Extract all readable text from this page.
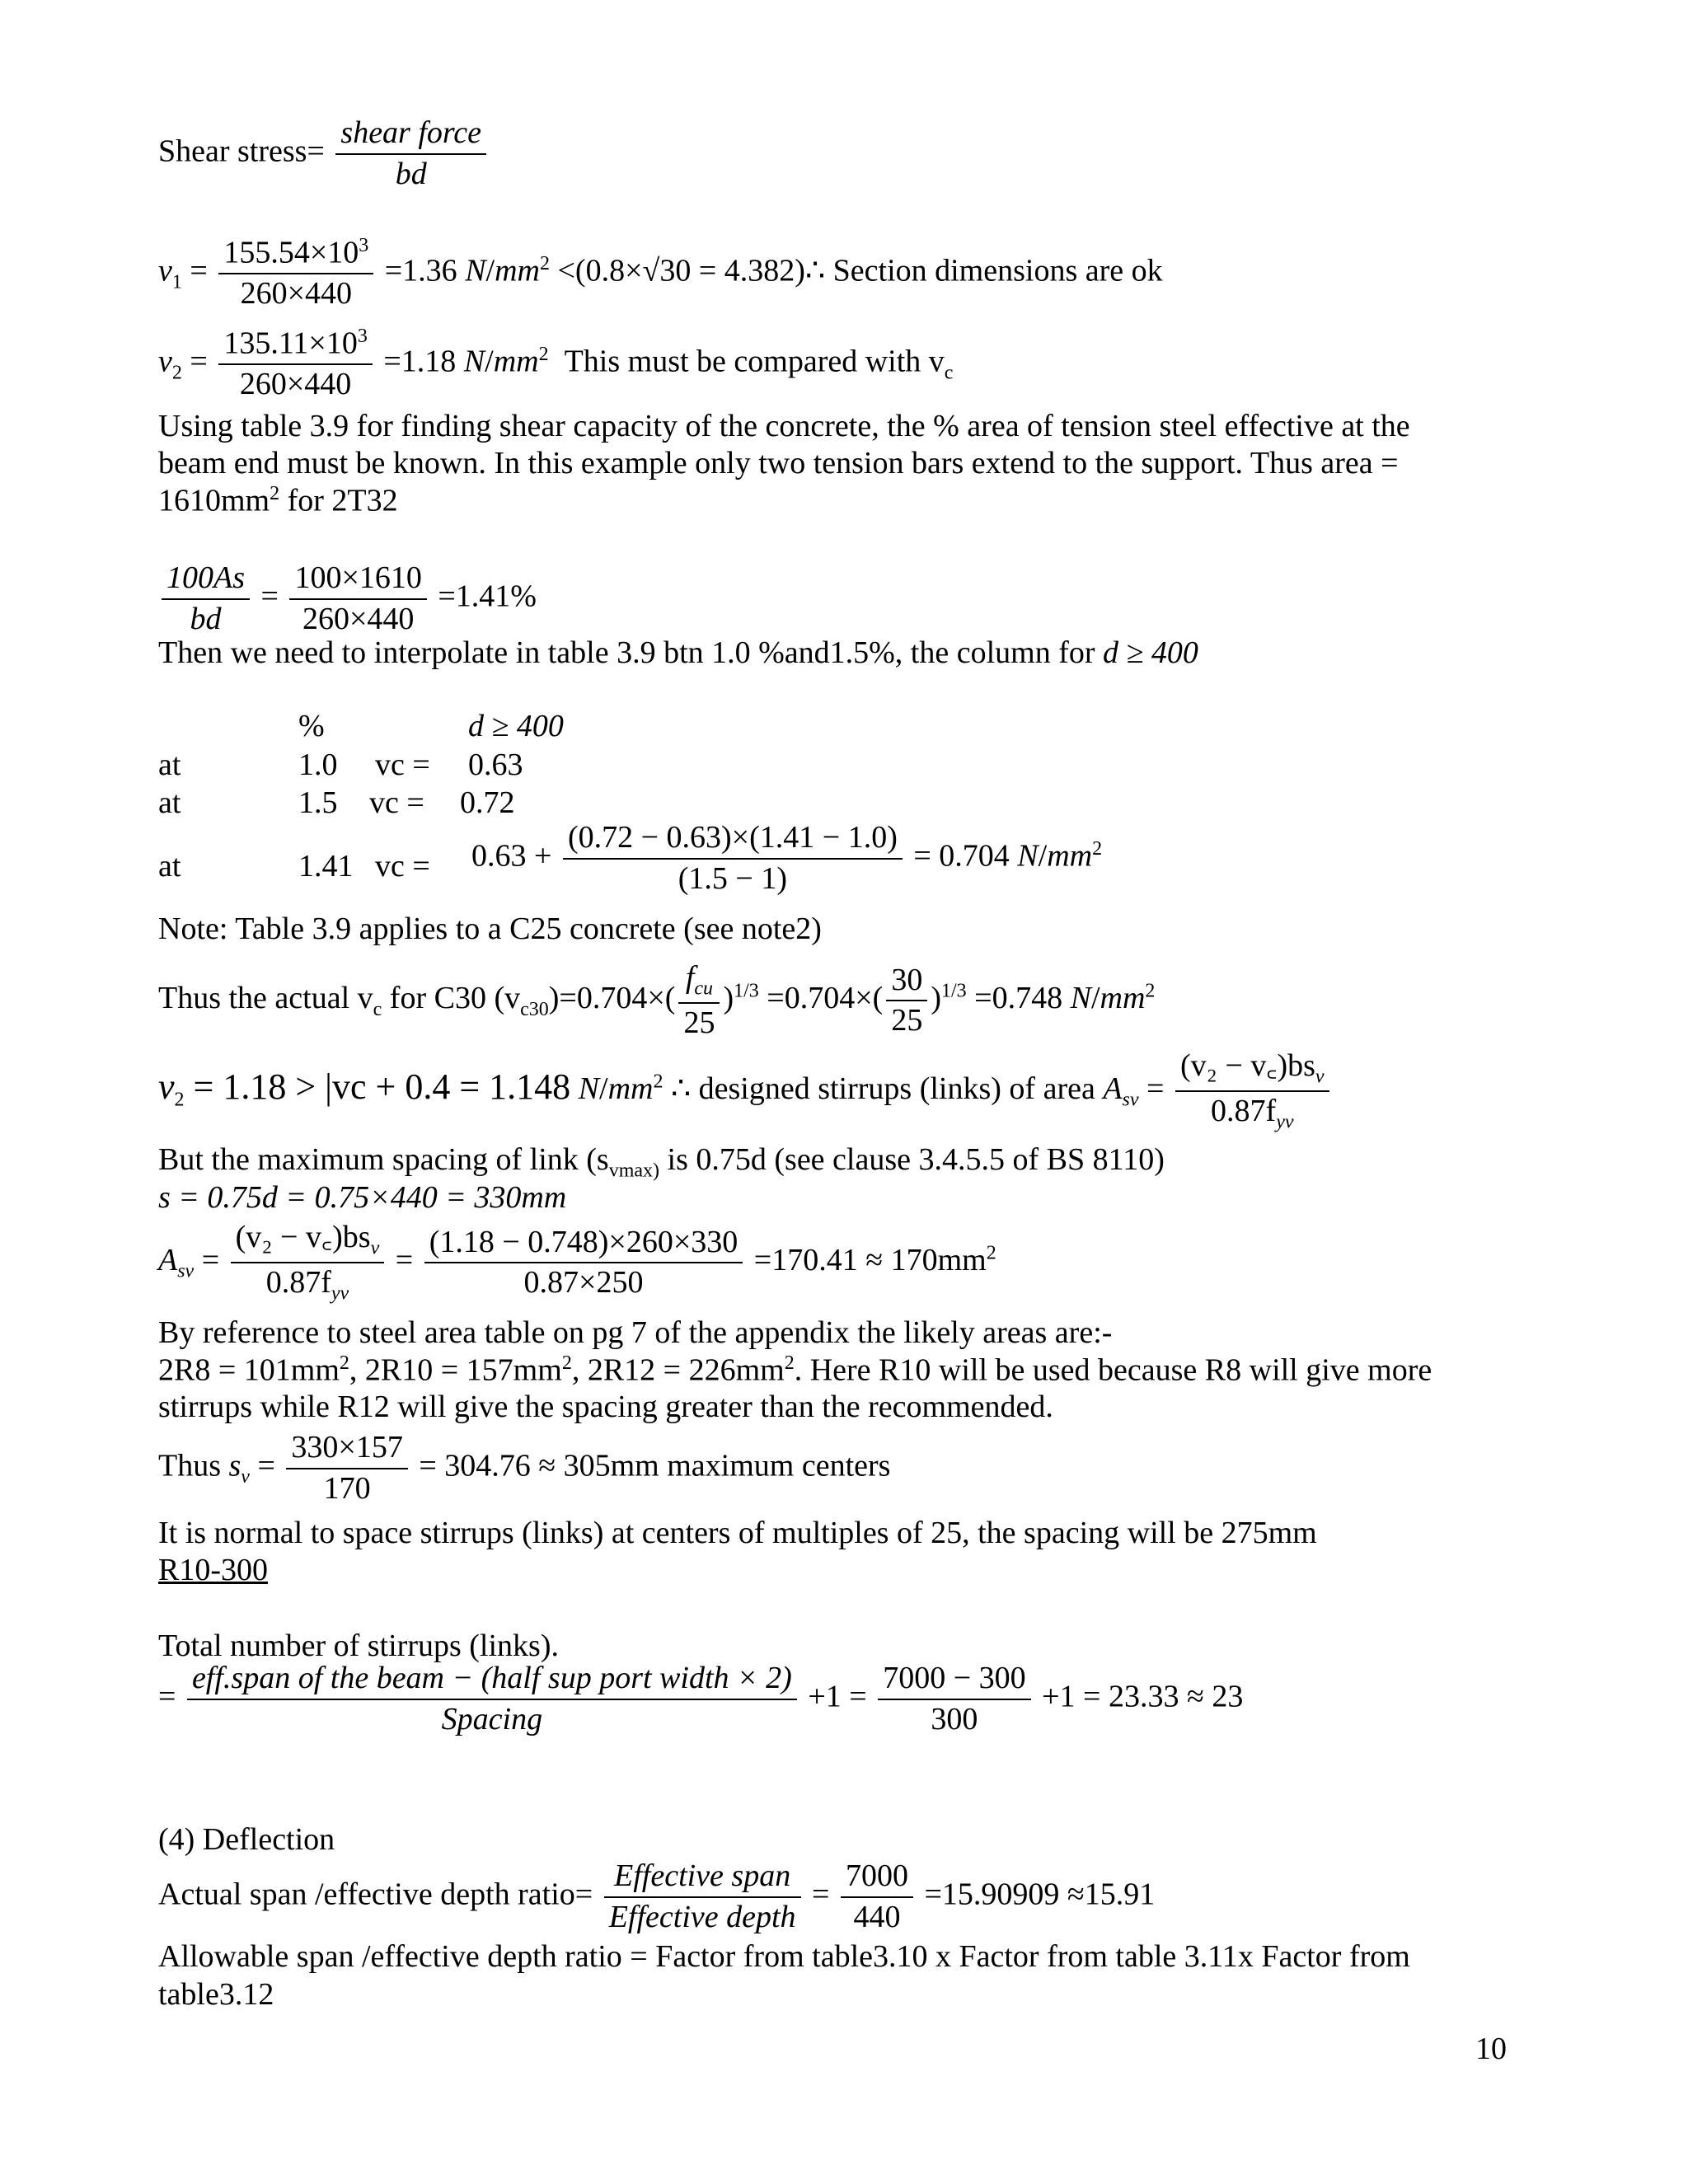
Shear stress= $\frac{\text{shear force}}{bd}$
$v_1 = \frac{155.54\times 10^3}{260\times 440} =1.36$ $N/mm^2 <(0.8\times√30$ = 4.382)∴ Section dimensions are ok
$v_2 = \frac{135.11\times 10^3}{260\times 440} =1.18$ $N/mm^2$ This must be compared with $v_c$
Using table 3.9 for finding shear capacity of the concrete, the % area of tension steel effective at the
beam end must be known. In this example only two tension bars extend to the support. Thus area =
$1610mm^2$ for 2T32
$\frac{100As}{bd} = \frac{100\times 1610}{260\times 440} =1.41\%$
Then we need to interpolate in table 3.9 btn 1.0 %and1.5%, the column for d ≥ 400
%	d ≥ 400
at	1.0 vc = 0.63
at	1.5 vc = 0.72
at	1.41 vc = $0.63 + \frac{(0.72 - 0.63)\times(1.41 - 1.0)}{(1.5 - 1)} = 0.704$ $N/mm^2$
Note: Table 3.9 applies to a C25 concrete (see note2)
Thus the actual $v_c$ for C30 $(v_{c30})=0.704\times( \frac{f_{cu}}{25} )^{1/3} =0.704\times( \frac{30}{25} )^{1/3} =0.748$ $N/mm^2$
$v_2 = 1.18 > |vc + 0.4 = 1.148$ $N/mm^2$ ∴ designed stirrups (links) of area $A_{sv} = \frac{(v_2 - v꜀)bs_v}{0.87f_{yv}}$
But the maximum spacing of link ($s_{vmax)}$ is 0.75d (see clause 3.4.5.5 of BS 8110)
s = 0.75d = 0.75×440 = 330mm
$A_{sv} = \frac{(v_2 - v꜀)bs_v}{0.87f_{yv}} = \frac{(1.18 - 0.748)\times 260\times 330}{0.87\times 250} =170.41 \approx 170mm^2$
By reference to steel area table on pg 7 of the appendix the likely areas are:-
$2R8 = 101mm^2$, $2R10 = 157mm^2$, $2R12 = 226mm^2$. Here R10 will be used because R8 will give more
stirrups while R12 will give the spacing greater than the recommended.
Thus $s_v = \frac{330\times 157}{170} = 304.76 \approx 305mm$ maximum centers
It is normal to space stirrups (links) at centers of multiples of 25, the spacing will be 275mm
R10-300
Total number of stirrups (links).
= $\frac{\text{eff.span of the beam − (half sup port width × 2)}}{\text{Spacing}} +1 = \frac{7000 - 300}{300} +1 = 23.33 \approx 23$
(4) Deflection
Actual span /effective depth ratio= $\frac{\text{Effective span}}{\text{Effective depth}} = \frac{7000}{440} =15.90909 \approx 15.91$
Allowable span /effective depth ratio = Factor from table3.10 x Factor from table 3.11x Factor from
table3.12
10
